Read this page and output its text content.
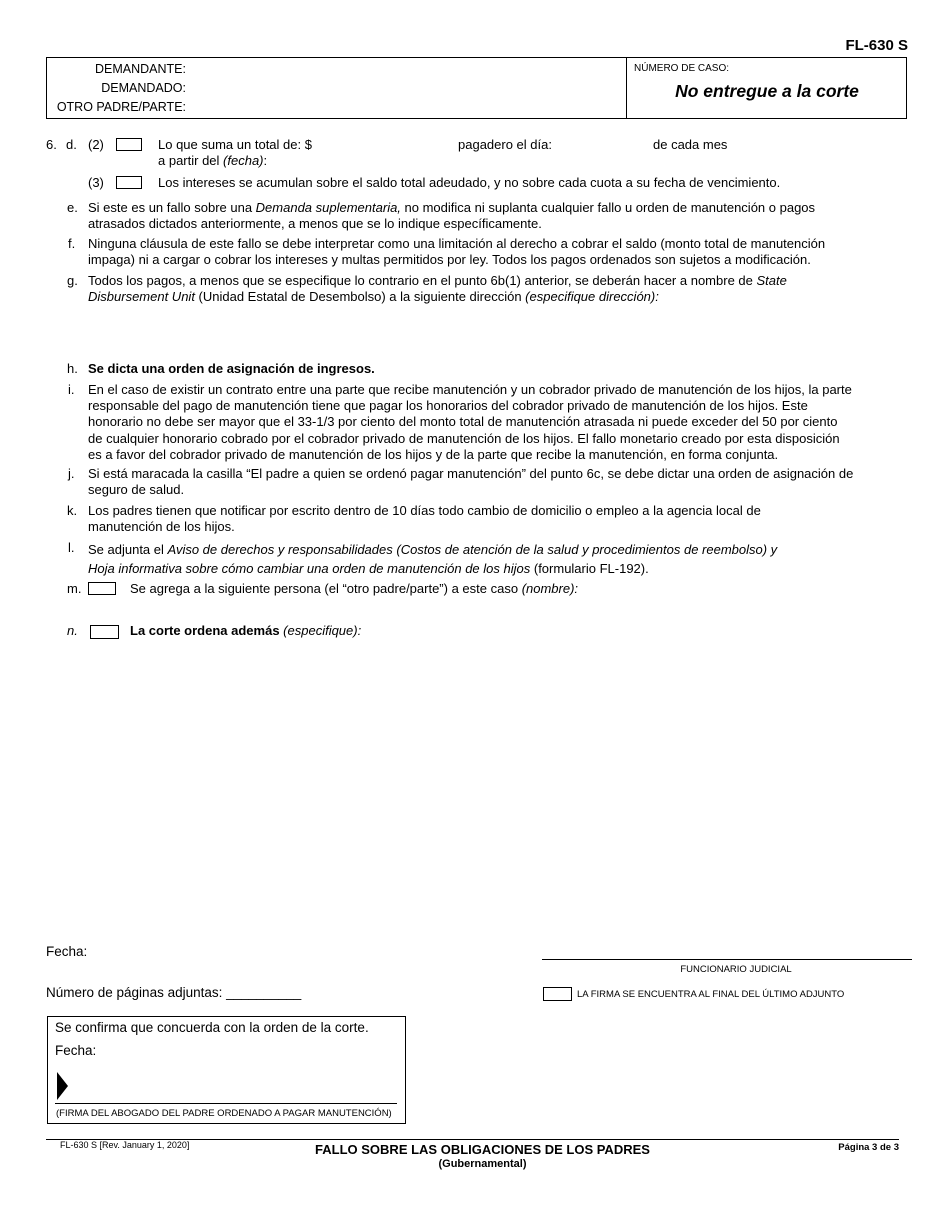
FL-630 S
DEMANDANTE:
DEMANDADO:
OTRO PADRE/PARTE:
NÚMERO DE CASO:
No entregue a la corte
6. d. (2)	Lo que suma un total de: $	pagadero el día:	de cada mes
a partir del (fecha):
(3)	Los intereses se acumulan sobre el saldo total adeudado, y no sobre cada cuota a su fecha de vencimiento.
e. Si este es un fallo sobre una Demanda suplementaria, no modifica ni suplanta cualquier fallo u orden de manutención o pagos
atrasados dictados anteriormente, a menos que se lo indique específicamente.
f. Ninguna cláusula de este fallo se debe interpretar como una limitación al derecho a cobrar el saldo (monto total de manutención
impaga) ni a cargar o cobrar los intereses y multas permitidos por ley. Todos los pagos ordenados son sujetos a modificación.
g. Todos los pagos, a menos que se especifique lo contrario en el punto 6b(1) anterior, se deberán hacer a nombre de State
Disbursement Unit (Unidad Estatal de Desembolso) a la siguiente dirección (especifique dirección):
h. Se dicta una orden de asignación de ingresos.
i. En el caso de existir un contrato entre una parte que recibe manutención y un cobrador privado de manutención de los hijos, la parte
responsable del pago de manutención tiene que pagar los honorarios del cobrador privado de manutención de los hijos. Este
honorario no debe ser mayor que el 33-1/3 por ciento del monto total de manutención atrasada ni puede exceder del 50 por ciento
de cualquier honorario cobrado por el cobrador privado de manutención de los hijos. El fallo monetario creado por esta disposición
es a favor del cobrador privado de manutención de los hijos y de la parte que recibe la manutención, en forma conjunta.
j. Si está maracada la casilla “El padre a quien se ordenó pagar manutención” del punto 6c, se debe dictar una orden de asignación de
seguro de salud.
k. Los padres tienen que notificar por escrito dentro de 10 días todo cambio de domicilio o empleo a la agencia local de
manutención de los hijos.
l. Se adjunta el Aviso de derechos y responsabilidades (Costos de atención de la salud y procedimientos de reembolso) y
Hoja informativa sobre cómo cambiar una orden de manutención de los hijos (formulario FL-192).
m.	Se agrega a la siguiente persona (el “otro padre/parte”) a este caso (nombre):
n.	La corte ordena además (especifique):
Fecha:
FUNCIONARIO JUDICIAL
Número de páginas adjuntas: __________	LA FIRMA SE ENCUENTRA AL FINAL DEL ÚLTIMO ADJUNTO
Se confirma que concuerda con la orden de la corte.
Fecha:
(FIRMA DEL ABOGADO DEL PADRE ORDENADO A PAGAR MANUTENCIÓN)
FL-630 S [Rev. January 1, 2020]	FALLO SOBRE LAS OBLIGACIONES DE LOS PADRES
(Gubernamental)
Página 3 de 3
